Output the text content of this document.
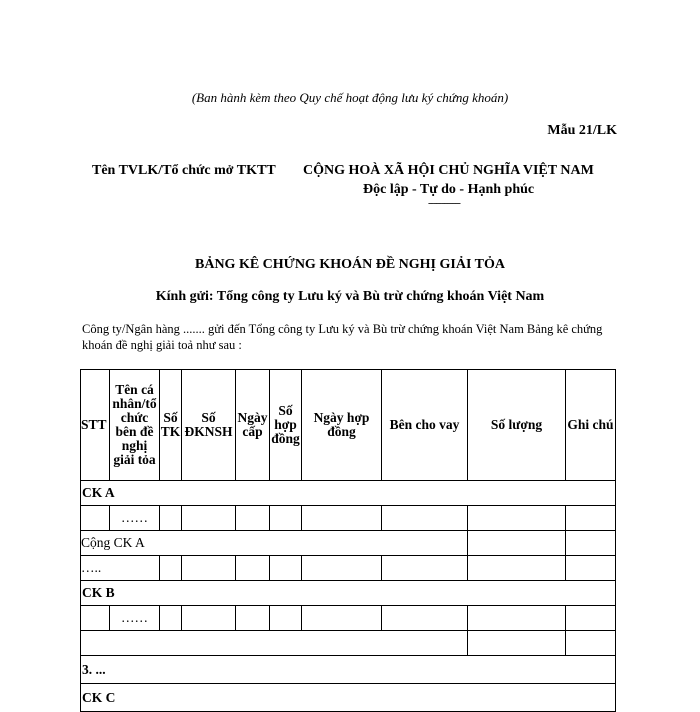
(Ban hành kèm theo Quy chế hoạt động lưu ký chứng khoán)
Mẫu 21/LK
Tên TVLK/Tổ chức mở TKTT CỘNG HOÀ XÃ HỘI CHỦ NGHĨA VIỆT NAM
Độc lập - Tự do - Hạnh phúc
------------
BẢNG KÊ CHỨNG KHOÁN ĐỀ NGHỊ GIẢI TỎA
Kính gửi: Tổng công ty Lưu ký và Bù trừ chứng khoán Việt Nam
Công ty/Ngân hàng ....... gửi đến Tổng công ty Lưu ký và Bù trừ chứng khoán Việt Nam Bảng kê chứng khoán đề nghị giải toả như sau :
STT	Tên cá nhân/tổ chức bên đề nghị giải tỏa	Số TK	Số ĐKNSH	Ngày cấp	Số hợp đồng	Ngày hợp đồng	Bên cho vay	Số lượng	Ghi chú
CK A									
	……								
Cộng CK A									
…..									
CK B									
	……								

3. ...									
CK C									
